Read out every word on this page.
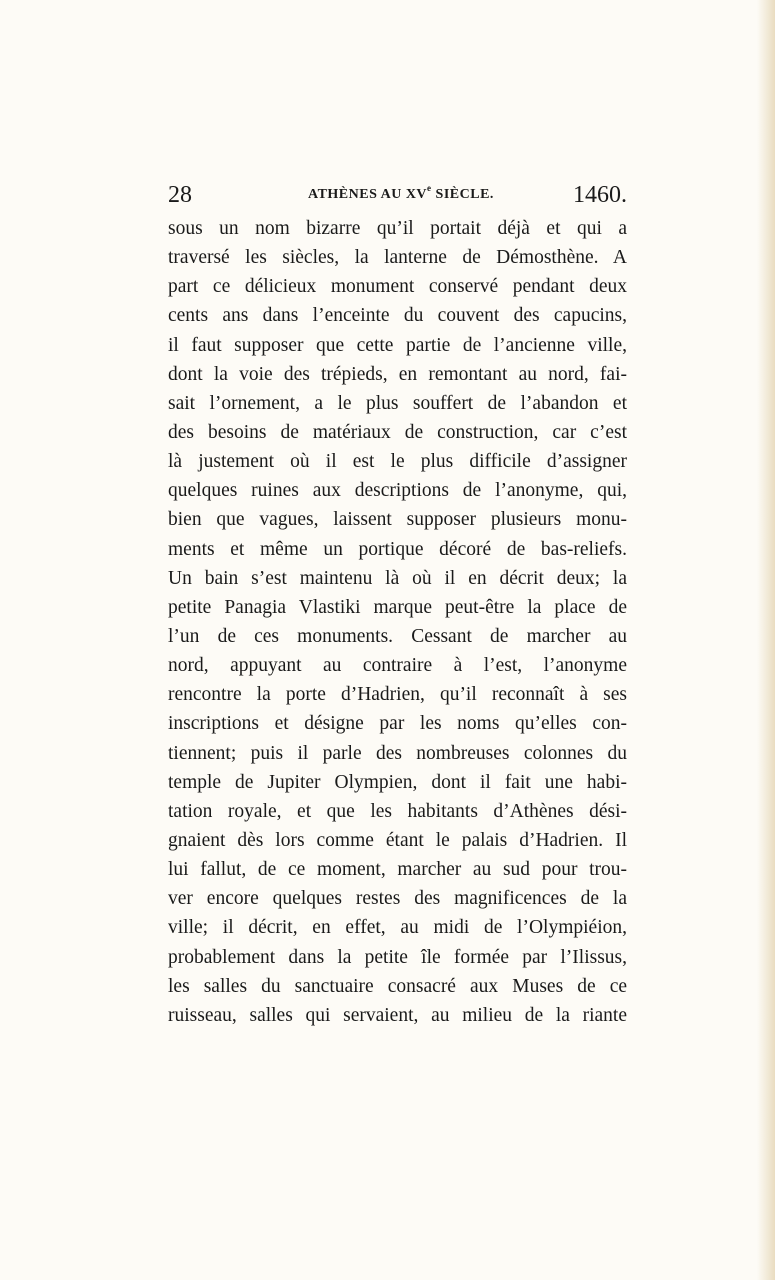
28	ATHÈNES AU XVe SIÈCLE.	1460.
sous un nom bizarre qu’il portait déjà et qui a
traversé les siècles, la lanterne de Démosthène. A
part ce délicieux monument conservé pendant deux
cents ans dans l’enceinte du couvent des capucins,
il faut supposer que cette partie de l’ancienne ville,
dont la voie des trépieds, en remontant au nord, fai-
sait l’ornement, a le plus souffert de l’abandon et
des besoins de matériaux de construction, car c’est
là justement où il est le plus difficile d’assigner
quelques ruines aux descriptions de l’anonyme, qui,
bien que vagues, laissent supposer plusieurs monu-
ments et même un portique décoré de bas-reliefs.
Un bain s’est maintenu là où il en décrit deux; la
petite Panagia Vlastiki marque peut-être la place de
l’un de ces monuments. Cessant de marcher au
nord, appuyant au contraire à l’est, l’anonyme
rencontre la porte d’Hadrien, qu’il reconnaît à ses
inscriptions et désigne par les noms qu’elles con-
tiennent; puis il parle des nombreuses colonnes du
temple de Jupiter Olympien, dont il fait une habi-
tation royale, et que les habitants d’Athènes dési-
gnaient dès lors comme étant le palais d’Hadrien. Il
lui fallut, de ce moment, marcher au sud pour trou-
ver encore quelques restes des magnificences de la
ville; il décrit, en effet, au midi de l’Olympiéion,
probablement dans la petite île formée par l’Ilissus,
les salles du sanctuaire consacré aux Muses de ce
ruisseau, salles qui servaient, au milieu de la riante
